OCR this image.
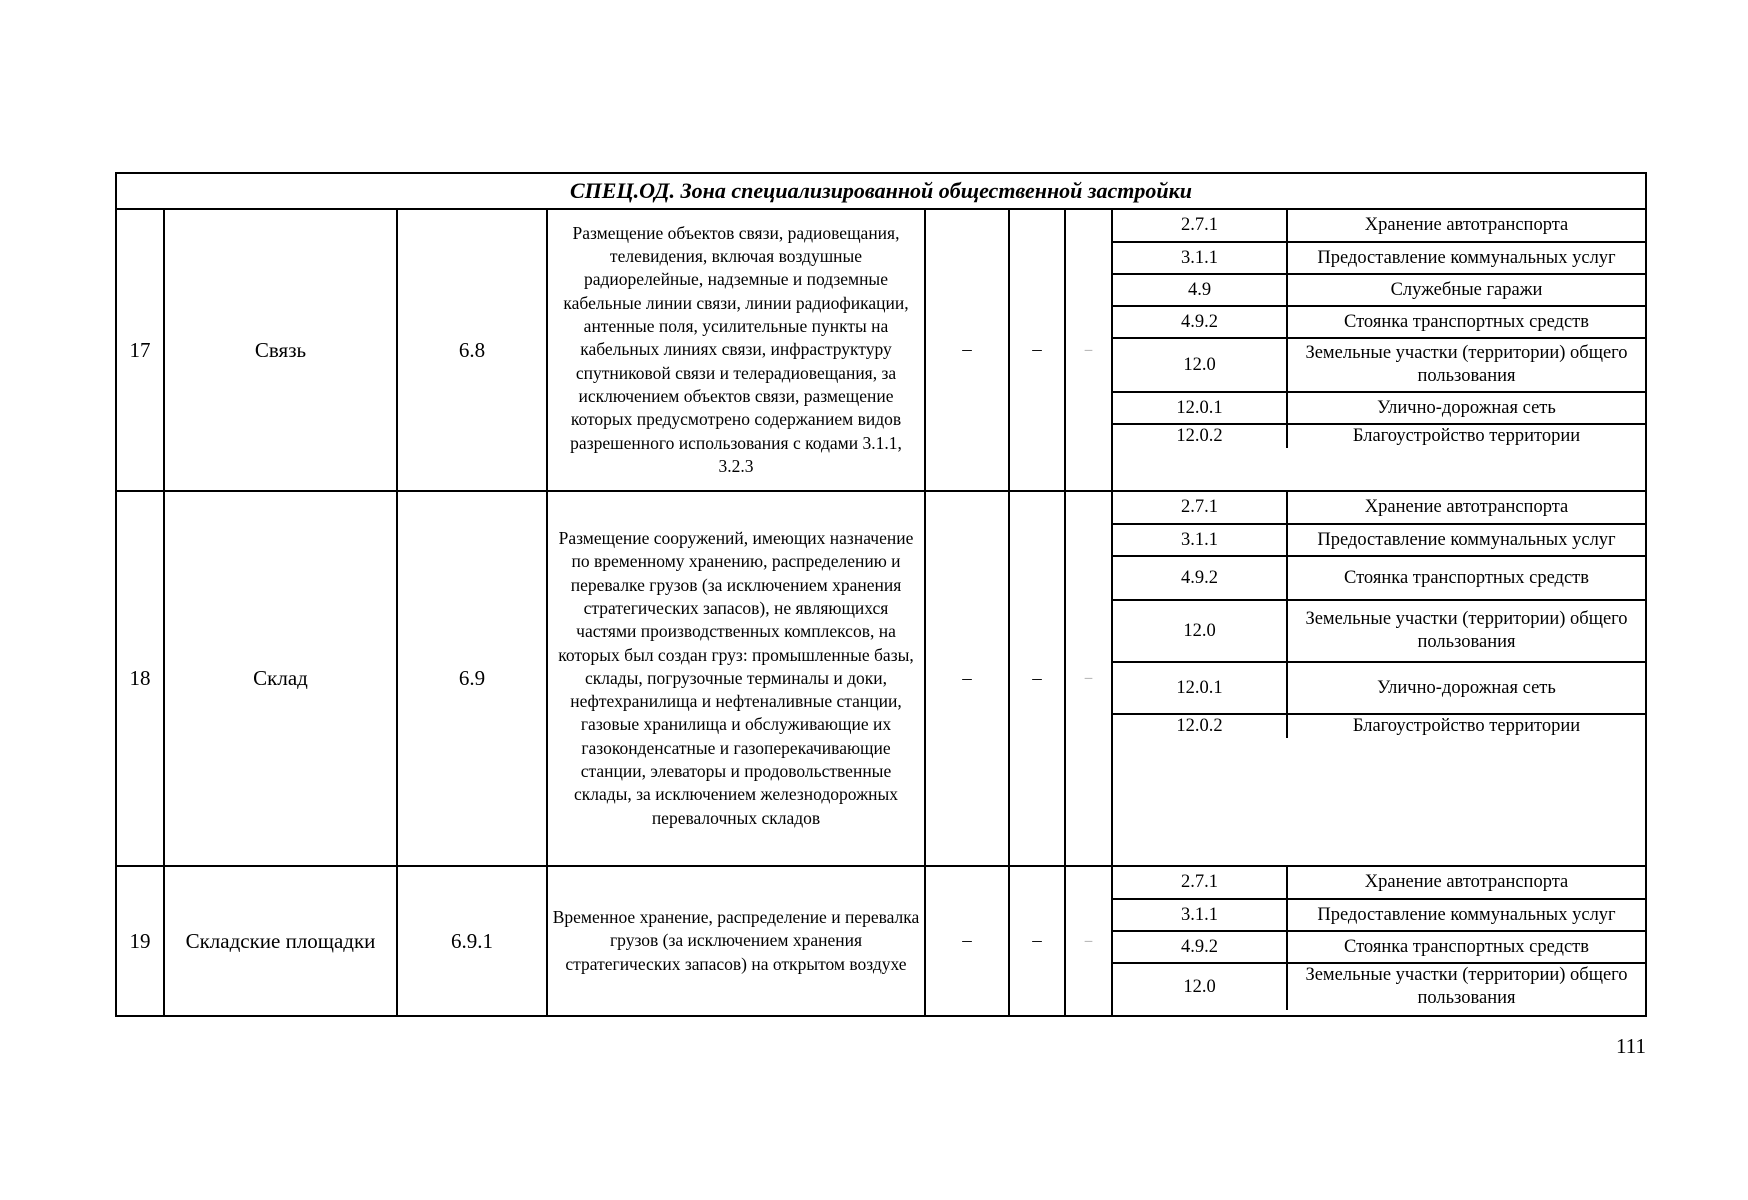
СПЕЦ.ОД. Зона специализированной общественной застройки
17	Связь	6.8	Размещение объектов связи, радиовещания, телевидения, включая воздушные радиорелейные, надземные и подземные кабельные линии связи, линии радиофикации, антенные поля, усилительные пункты на кабельных линиях связи, инфраструктуру спутниковой связи и телерадиовещания, за исключением объектов связи, размещение которых предусмотрено содержанием видов разрешенного использования с кодами 3.1.1, 3.2.3	–	–	–	
2.7.1	Хранение автотранспорта
3.1.1	Предоставление коммунальных услуг
4.9	Служебные гаражи
4.9.2	Стоянка транспортных средств
12.0	Земельные участки (территории) общего пользования
12.0.1	Улично-дорожная сеть
12.0.2	Благоустройство территории

18	Склад	6.9	Размещение сооружений, имеющих назначение по временному хранению, распределению и перевалке грузов (за исключением хранения стратегических запасов), не являющихся частями производственных комплексов, на которых был создан груз: промышленные базы, склады, погрузочные терминалы и доки, нефтехранилища и нефтеналивные станции, газовые хранилища и обслуживающие их газоконденсатные и газоперекачивающие станции, элеваторы и продовольственные склады, за исключением железнодорожных перевалочных складов	–	–	–	
2.7.1	Хранение автотранспорта
3.1.1	Предоставление коммунальных услуг
4.9.2	Стоянка транспортных средств
12.0	Земельные участки (территории) общего пользования
12.0.1	Улично-дорожная сеть
12.0.2	Благоустройство территории

19	Складские площадки	6.9.1	Временное хранение, распределение и перевалка грузов (за исключением хранения стратегических запасов) на открытом воздухе	–	–	–	
2.7.1	Хранение автотранспорта
3.1.1	Предоставление коммунальных услуг
4.9.2	Стоянка транспортных средств
12.0	Земельные участки (территории) общего пользования
111
